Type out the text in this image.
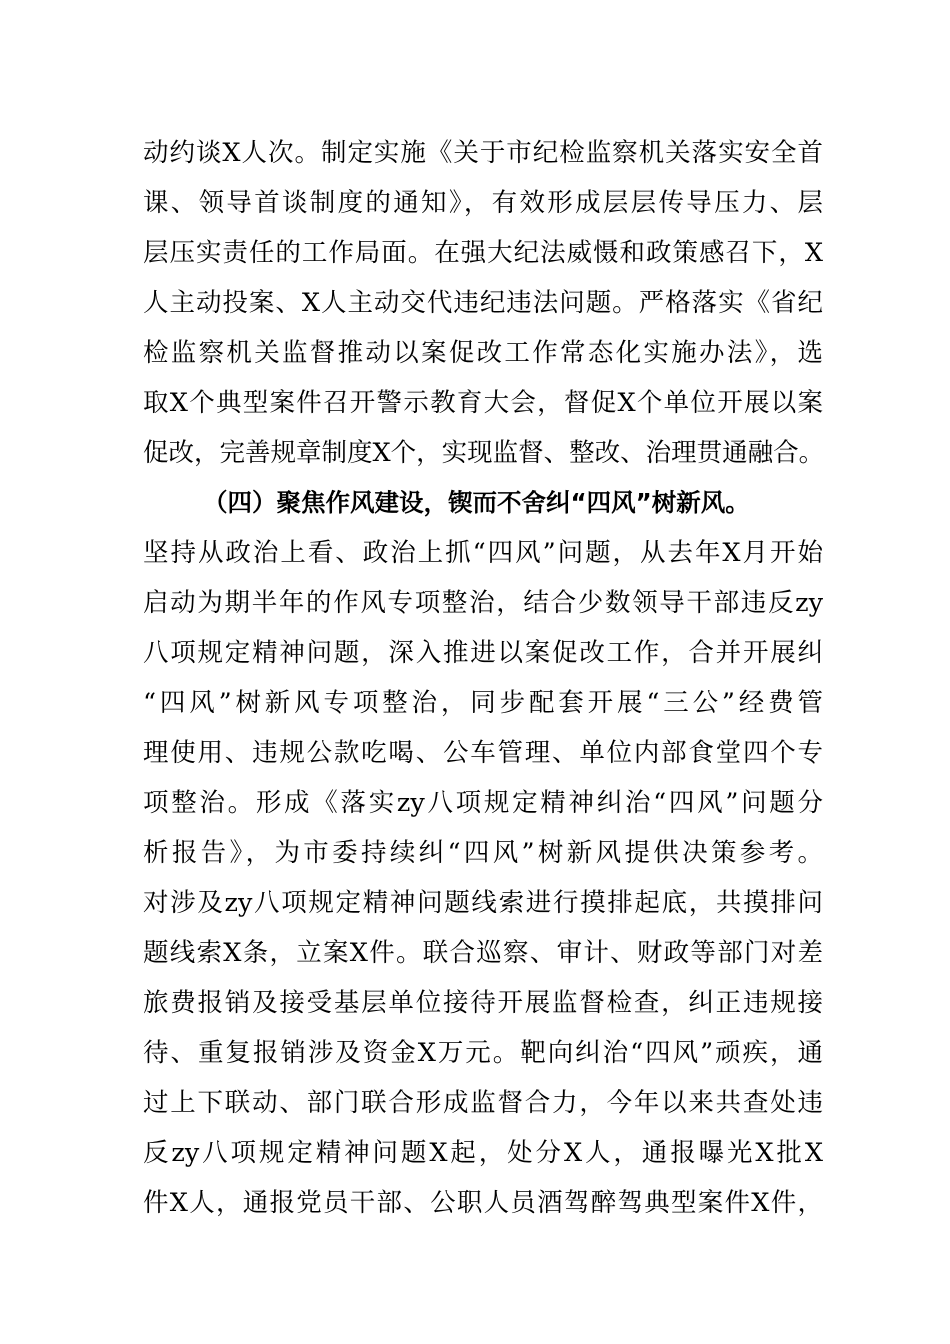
动约谈X人次。制定实施《关于市纪检监察机关落实安全首
课、领导首谈制度的通知》，有效形成层层传导压力、层
层压实责任的工作局面。在强大纪法威慑和政策感召下，X
人主动投案、X人主动交代违纪违法问题。严格落实《省纪
检监察机关监督推动以案促改工作常态化实施办法》，选
取X个典型案件召开警示教育大会，督促X个单位开展以案
促改，完善规章制度X个，实现监督、整改、治理贯通融合。
（四）聚焦作风建设，锲而不舍纠“四风”树新风。
坚持从政治上看、政治上抓“四风”问题，从去年X月开始
启动为期半年的作风专项整治，结合少数领导干部违反zy
八项规定精神问题，深入推进以案促改工作，合并开展纠
“四风”树新风专项整治，同步配套开展“三公”经费管
理使用、违规公款吃喝、公车管理、单位内部食堂四个专
项整治。形成《落实zy八项规定精神纠治“四风”问题分
析报告》，为市委持续纠“四风”树新风提供决策参考。
对涉及zy八项规定精神问题线索进行摸排起底，共摸排问
题线索X条，立案X件。联合巡察、审计、财政等部门对差
旅费报销及接受基层单位接待开展监督检查，纠正违规接
待、重复报销涉及资金X万元。靶向纠治“四风”顽疾，通
过上下联动、部门联合形成监督合力，今年以来共查处违
反zy八项规定精神问题X起，处分X人，通报曝光X批X
件X人，通报党员干部、公职人员酒驾醉驾典型案件X件，
